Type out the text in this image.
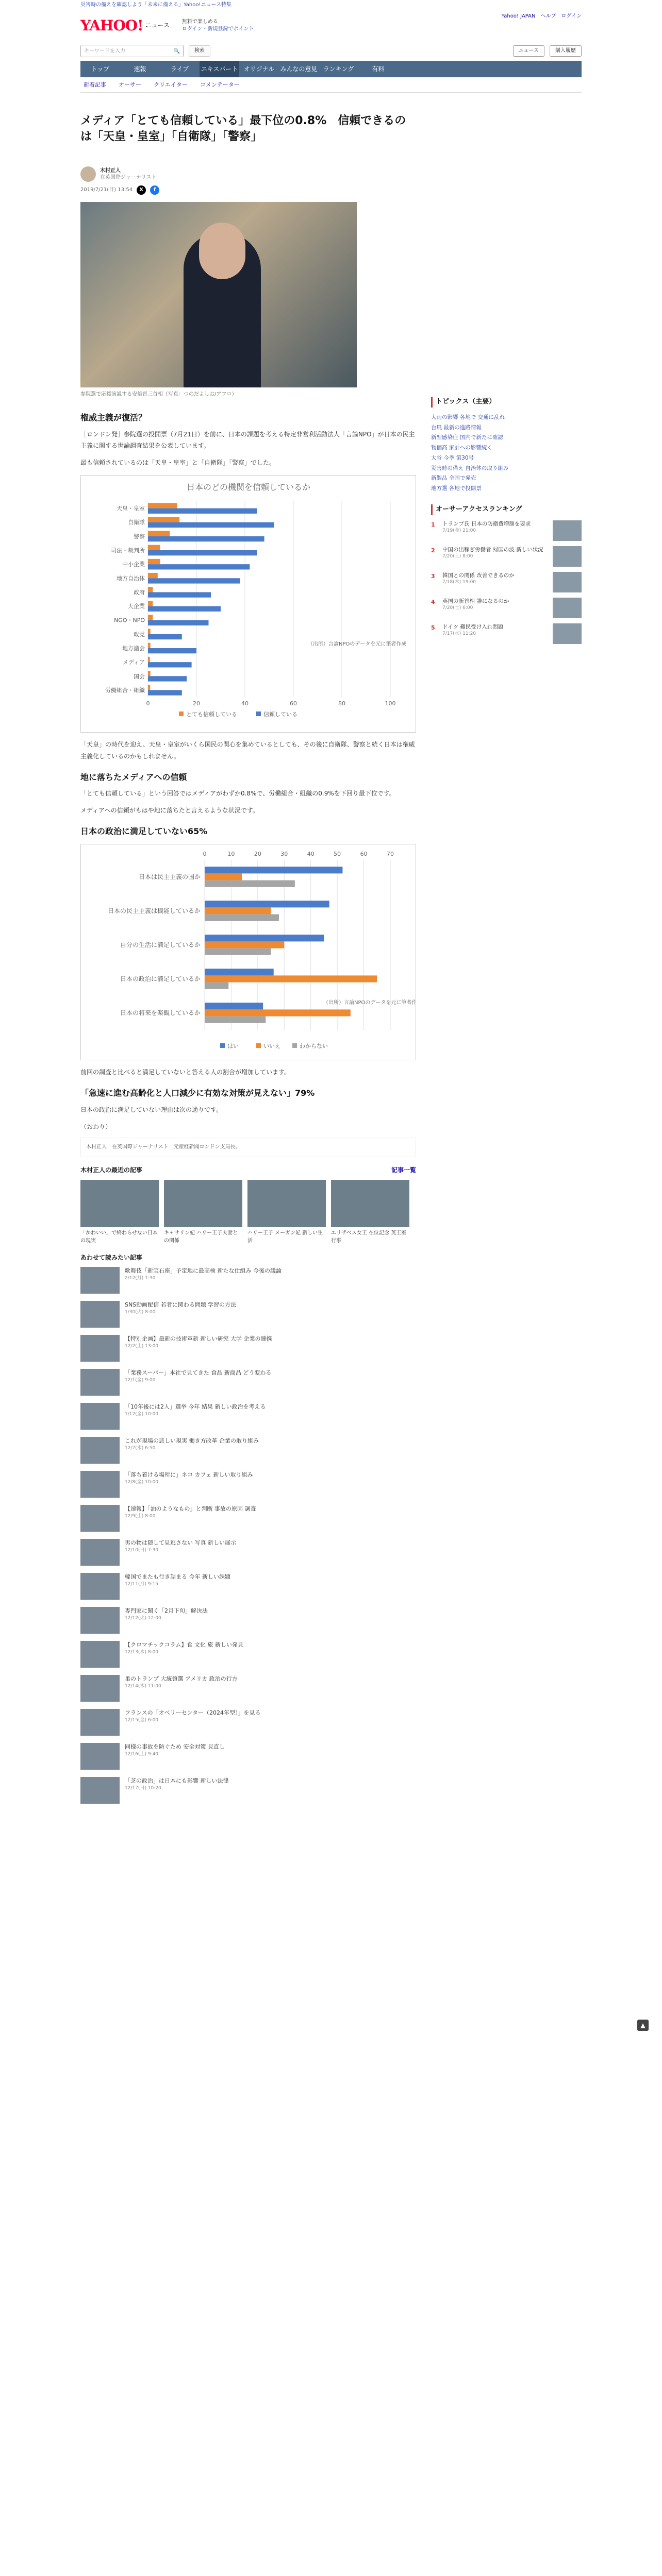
災害時の備えを確認しよう「未来に備える」Yahoo!ニュース特集
YAHOO! ニュース 無料で楽しめる
ログイン・新規登録でポイント
Yahoo! JAPAN ヘルプ ログイン
キーワードを入力	🔍	検索	ニュース	購入履歴
トップ	速報	ライブ	エキスパート オリジナル みんなの意見 ランキング	有料
新着記事 オーサー クリエイター コメンテーター
メディア「とても信頼している」最下位の0.8%　信頼できるのは「天皇・皇室」「自衛隊」「警察」
木村正人
在英国際ジャーナリスト
2019/7/21(日) 13:54	X	f
参院選で応援演説する安倍晋三首相（写真：つのだよしお/アフロ）
権威主義が復活？

［ロンドン発］参院選の投開票（7月21日）を前に、日本の課題を考える特定非営利活動法人「言論NPO」が日本の民主主義に関する世論調査結果を公表しています。

最も信頼されているのは「天皇・皇室」と「自衛隊」「警察」でした。

日本のどの機関を信頼しているか
0	20	40	60	80	100
天皇・皇室
自衛隊
警察
司法・裁判所
中小企業
地方自治体
政府
大企業
NGO・NPO
政党
地方議会
メディア
国会
労働組合・組織
（出所）言論NPOのデータを元に筆者作成
とても信頼している	信頼している

「天皇」の時代を迎え、天皇・皇室がいくら国民の関心を集めているとしても、その後に自衛隊、警察と続く日本は権威主義化しているのかもしれません。

地に落ちたメディアへの信頼

「とても信頼している」という回答ではメディアがわずか0.8%で、労働組合・組織の0.9%を下回り最下位です。

メディアへの信頼がもはや地に落ちたと言えるような状況です。

日本の政治に満足していない65%
0	10	20	30	40	50	60	70
日本は民主主義の国か
日本の民主主義は機能しているか
自分の生活に満足しているか
日本の政治に満足しているか
日本の将来を楽観しているか
（出所）言論NPOのデータを元に筆者作成
はい	いいえ	わからない

前回の調査と比べると満足していないと答える人の割合が増加しています。

「急速に進む高齢化と人口減少に有効な対策が見えない」79%

日本の政治に満足していない理由は次の通りです。

（おわり）

木村正人　在英国際ジャーナリスト　元産経新聞ロンドン支局長。
木村正人の最近の記事	記事一覧
「かわいい」で終わらせない日本の現実
キャサリン妃 ハリー王子夫妻との関係
ハリー王子 メーガン妃 新しい生活
エリザベス女王 在位記念 英王室 行事
あわせて読みたい記事
歌舞伎「新宝石座」予定地に最高検 新たな仕組み 今後の議論
2/12(月) 1:30
SNS動画配信 若者に関わる問題 学習の方法
1/30(火) 8:00
【特別企画】最新の技術革新 新しい研究 大学 企業の連携
12/2(土) 13:00
「業務スーパー」本社で見てきた 食品 新商品 どう変わる
12/1(金) 9:00
「10年後には2人」選挙 今年 結果 新しい政治を考える
1/12(金) 10:00
これが現場の悲しい現実 働き方改革 企業の取り組み
12/7(木) 6:50
「落ち着ける場所に」ネコ カフェ 新しい取り組み
12/8(金) 10:00
【速報】「油のようなもの」と判断 事故の原因 調査
12/9(土) 8:00
男の物は隠して見逃さない 写真 新しい展示
12/10(日) 7:30
韓国でまたも行き詰まる 今年 新しい課題
12/11(月) 9:15
専門家に聞く「2月下旬」解決法
12/12(火) 12:00
【クロマチックコラム】食 文化 旅 新しい発見
12/13(水) 8:00
巣のトランプ 大統領選 アメリカ 政治の行方
12/14(木) 11:00
フランスの「オペリーセンター（2024年型）」を見る
12/15(金) 6:00
同様の事故を防ぐため 安全対策 見直し
12/16(土) 9:40
「芝の政治」は日本にも影響 新しい法律
12/17(日) 10:20
トピックス（主要）
大雨の影響 各地で 交通に乱れ
台風 最新の進路情報
新型感染症 国内で新たに確認
物価高 家計への影響続く
大谷 今季 第30号
災害時の備え 自治体の取り組み
新製品 全国で発売
地方選 各地で投開票
オーサーアクセスランキング
1	トランプ氏 日本の防衛費増額を要求
7/19(金) 21:00
2	中国の出稼ぎ労働者 帰国の波 新しい状況
7/20(土) 8:00
3	韓国との関係 改善できるのか
7/18(木) 19:00
4	英国の新首相 誰になるのか
7/20(土) 6:00
5	ドイツ 難民受け入れ問題
7/17(水) 11:20
▲
